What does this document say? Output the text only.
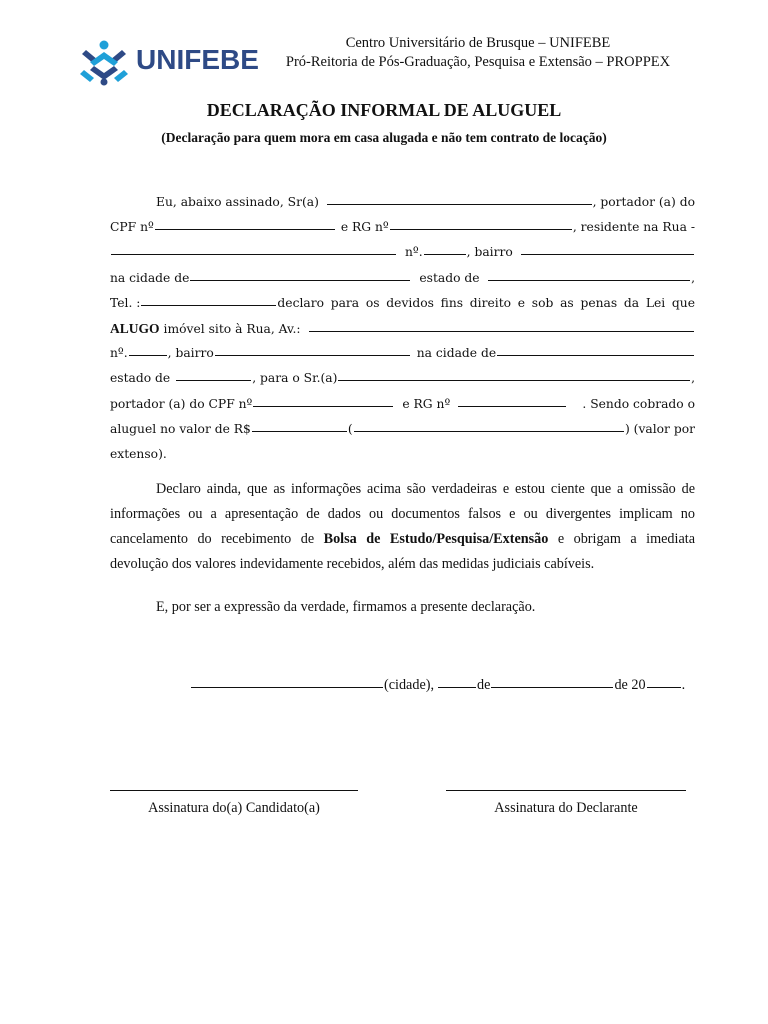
UNIFEBE
Centro Universitário de Brusque – UNIFEBE
Pró-Reitoria de Pós-Graduação, Pesquisa e Extensão – PROPPEX
DECLARAÇÃO INFORMAL DE ALUGUEL
(Declaração para quem mora em casa alugada e não tem contrato de locação)
Eu, abaixo assinado, Sr(a)	, portador (a) do
CPF nº	e RG nº	, residente na Rua -
nº.	, bairro
na cidade de	estado de	,
Tel. :	declaro para os devidos fins direito e sob as penas da Lei que
ALUGO imóvel sito à Rua, Av.:
nº.	, bairro	na cidade de
estado de	, para o Sr.(a)	,
portador (a) do CPF nº	e RG nº	. Sendo cobrado o
aluguel no valor de R$	(	) (valor por
extenso).
Declaro ainda, que as informações acima são verdadeiras e estou ciente que a omissão de informações ou a apresentação de dados ou documentos falsos e ou divergentes implicam no cancelamento do recebimento de Bolsa de Estudo/Pesquisa/Extensão e obrigam a imediata devolução dos valores indevidamente recebidos, além das medidas judiciais cabíveis.
E, por ser a expressão da verdade, firmamos a presente declaração.
(cidade),	de	de 20	.
Assinatura do(a) Candidato(a)	Assinatura do Declarante
